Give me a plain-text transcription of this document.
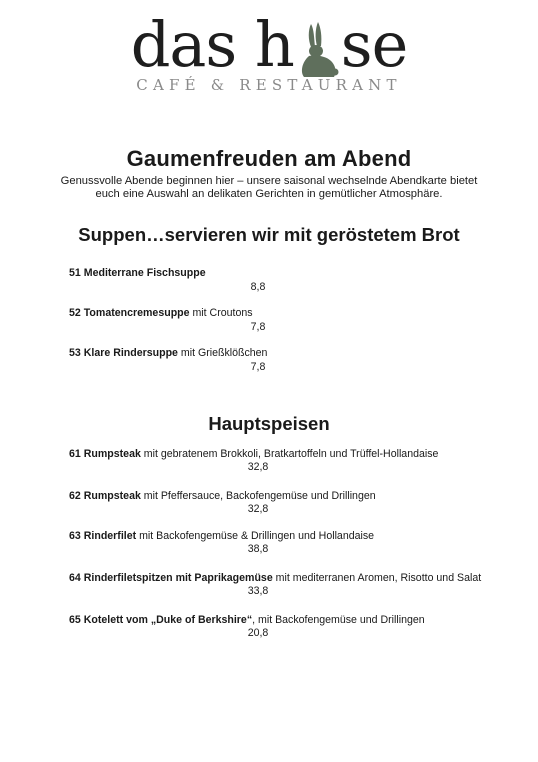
das h se
CAFÉ & RESTAURANT
Gaumenfreuden am Abend
Genussvolle Abende beginnen hier – unsere saisonal wechselnde Abendkarte bietet euch eine Auswahl an delikaten Gerichten in gemütlicher Atmosphäre.
Suppen…servieren wir mit geröstetem Brot
51 Mediterrane Fischsuppe
8,8
52 Tomatencremesuppe mit Croutons
7,8
53 Klare Rindersuppe mit Grießklößchen
7,8
Hauptspeisen
61 Rumpsteak mit gebratenem Brokkoli, Bratkartoffeln und Trüffel-Hollandaise
32,8
62 Rumpsteak mit Pfeffersauce, Backofengemüse und Drillingen
32,8
63 Rinderfilet mit Backofengemüse & Drillingen und Hollandaise
38,8
64 Rinderfiletspitzen mit Paprikagemüse mit mediterranen Aromen, Risotto und Salat
33,8
65 Kotelett vom „Duke of Berkshire“, mit Backofengemüse und Drillingen
20,8
